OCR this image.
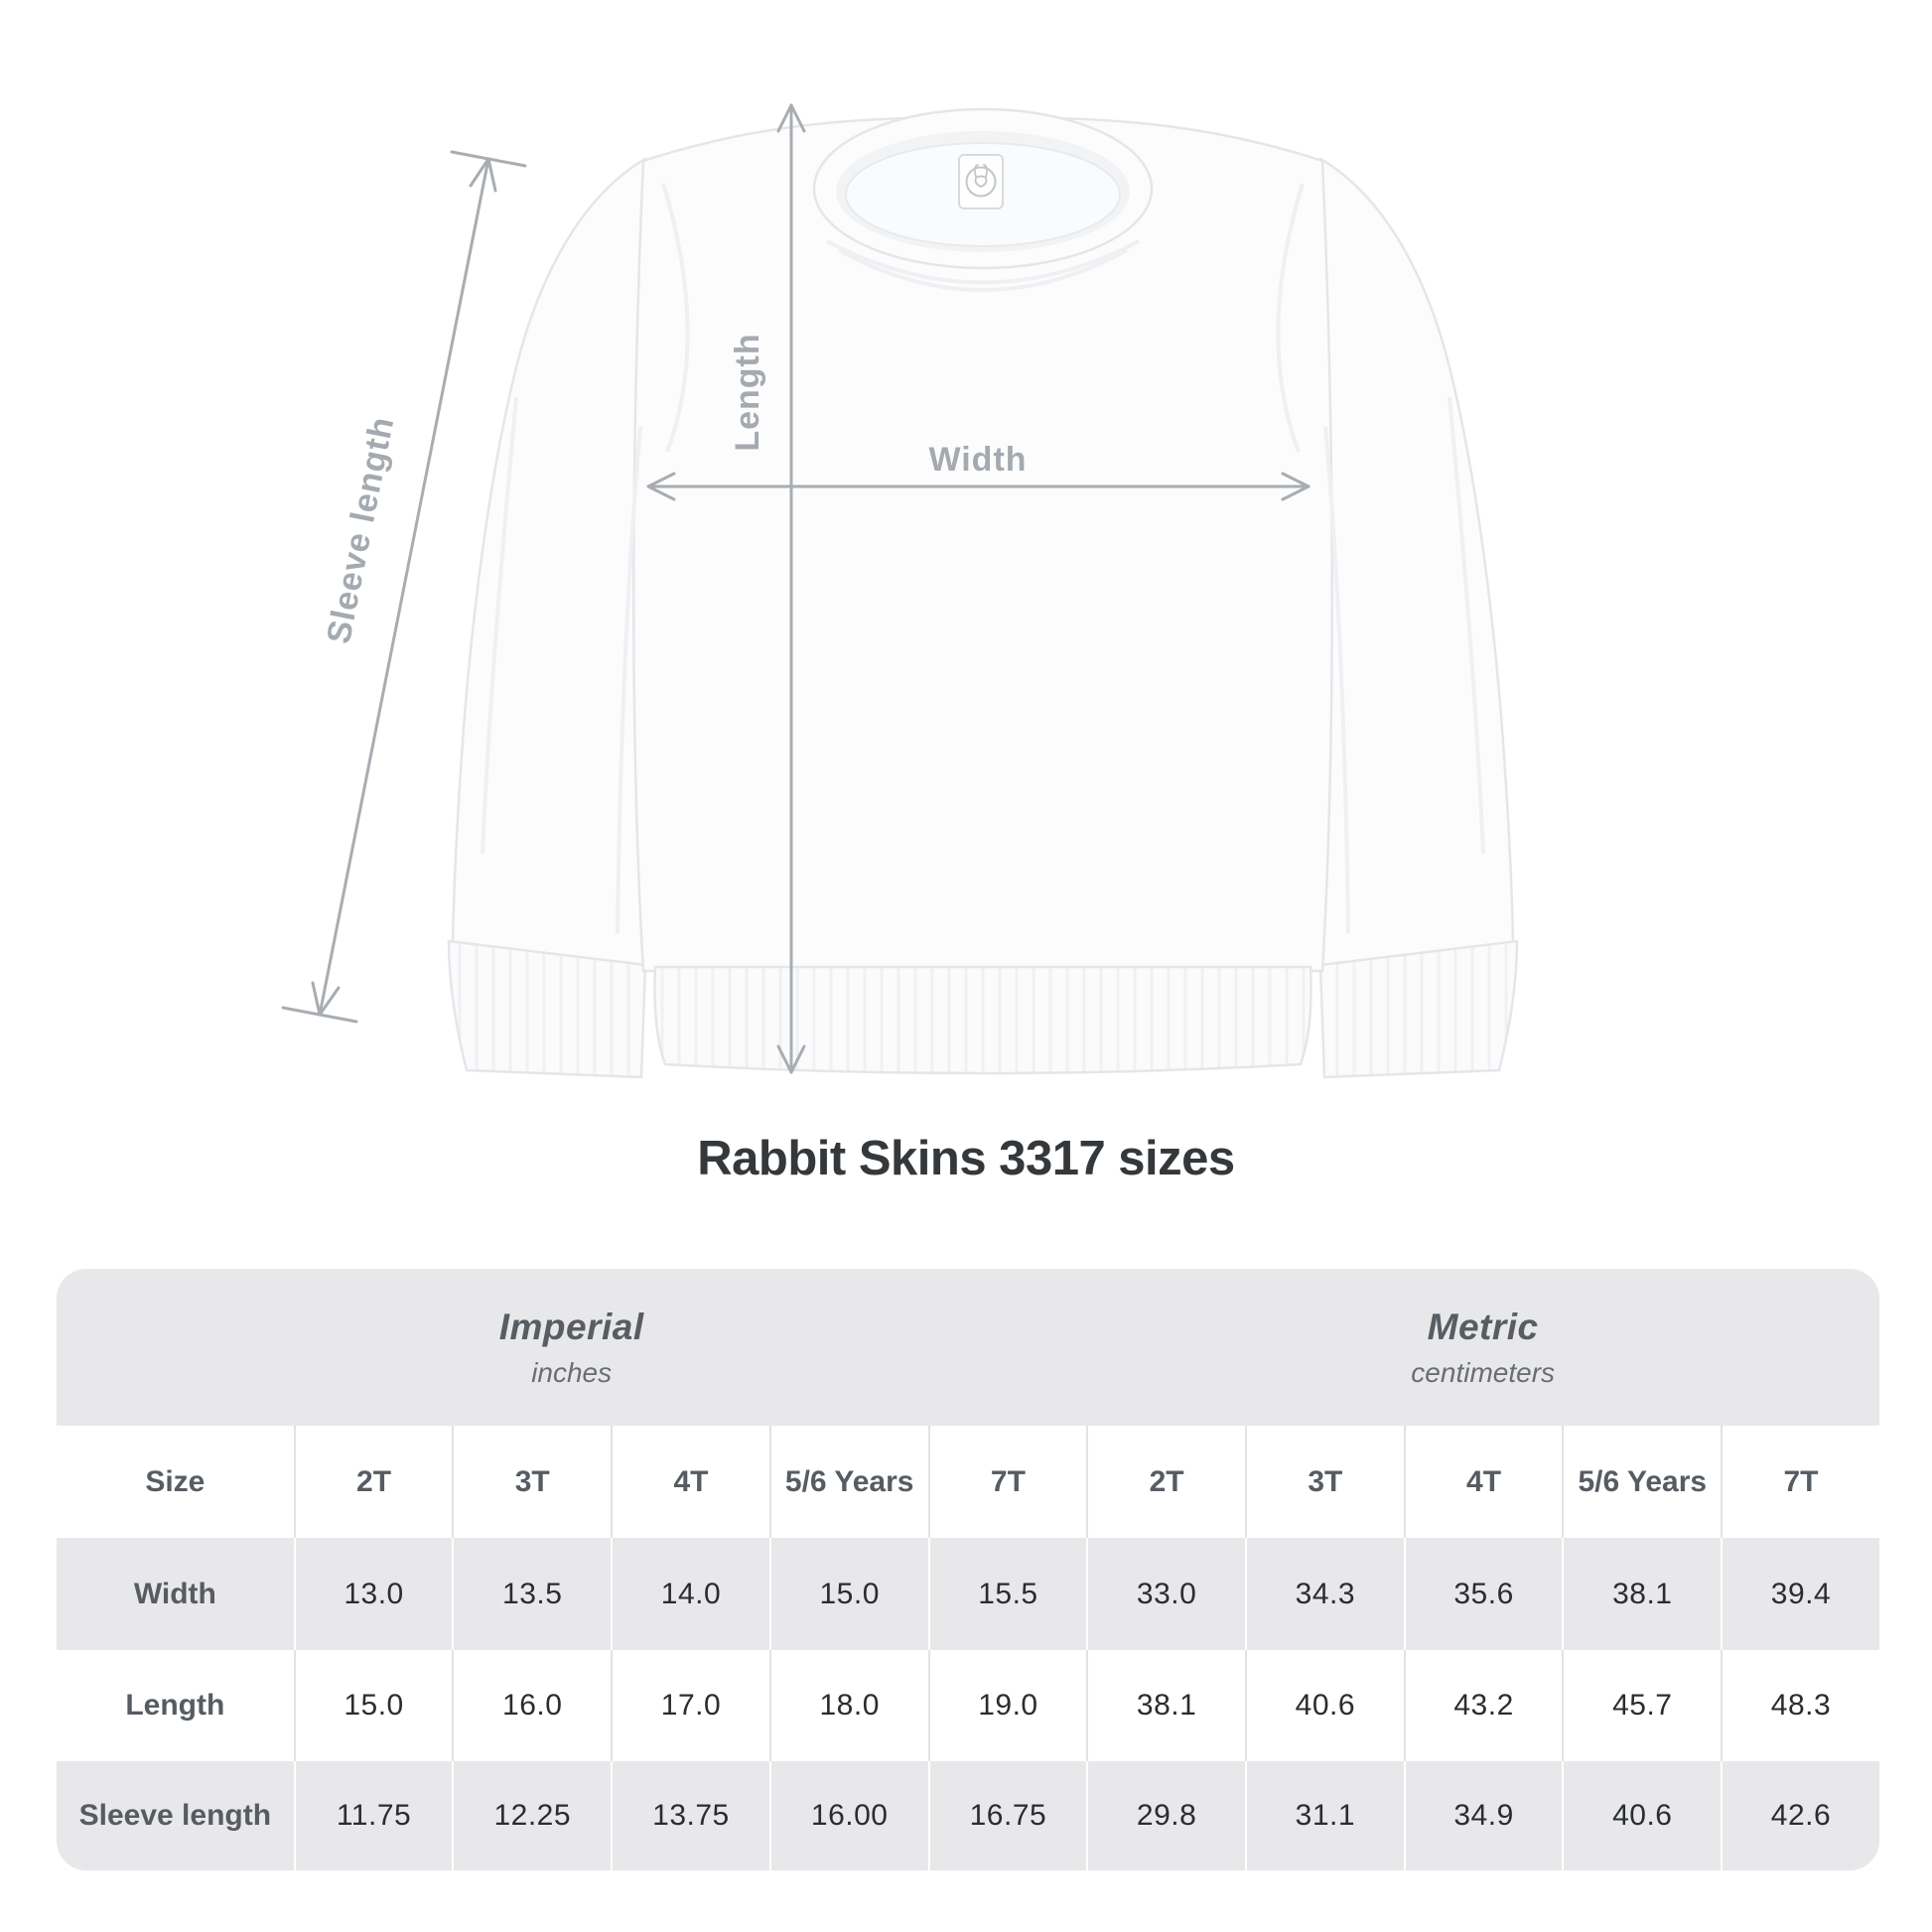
Sleeve length
Length
Width
Rabbit Skins 3317 sizes
Imperial
inches
Metric
centimeters
Size	2T	3T	4T	5/6 Years	7T	2T	3T	4T	5/6 Years	7T
Width	13.0	13.5	14.0	15.0	15.5	33.0	34.3	35.6	38.1	39.4
Length	15.0	16.0	17.0	18.0	19.0	38.1	40.6	43.2	45.7	48.3
Sleeve length	11.75	12.25	13.75	16.00	16.75	29.8	31.1	34.9	40.6	42.6
